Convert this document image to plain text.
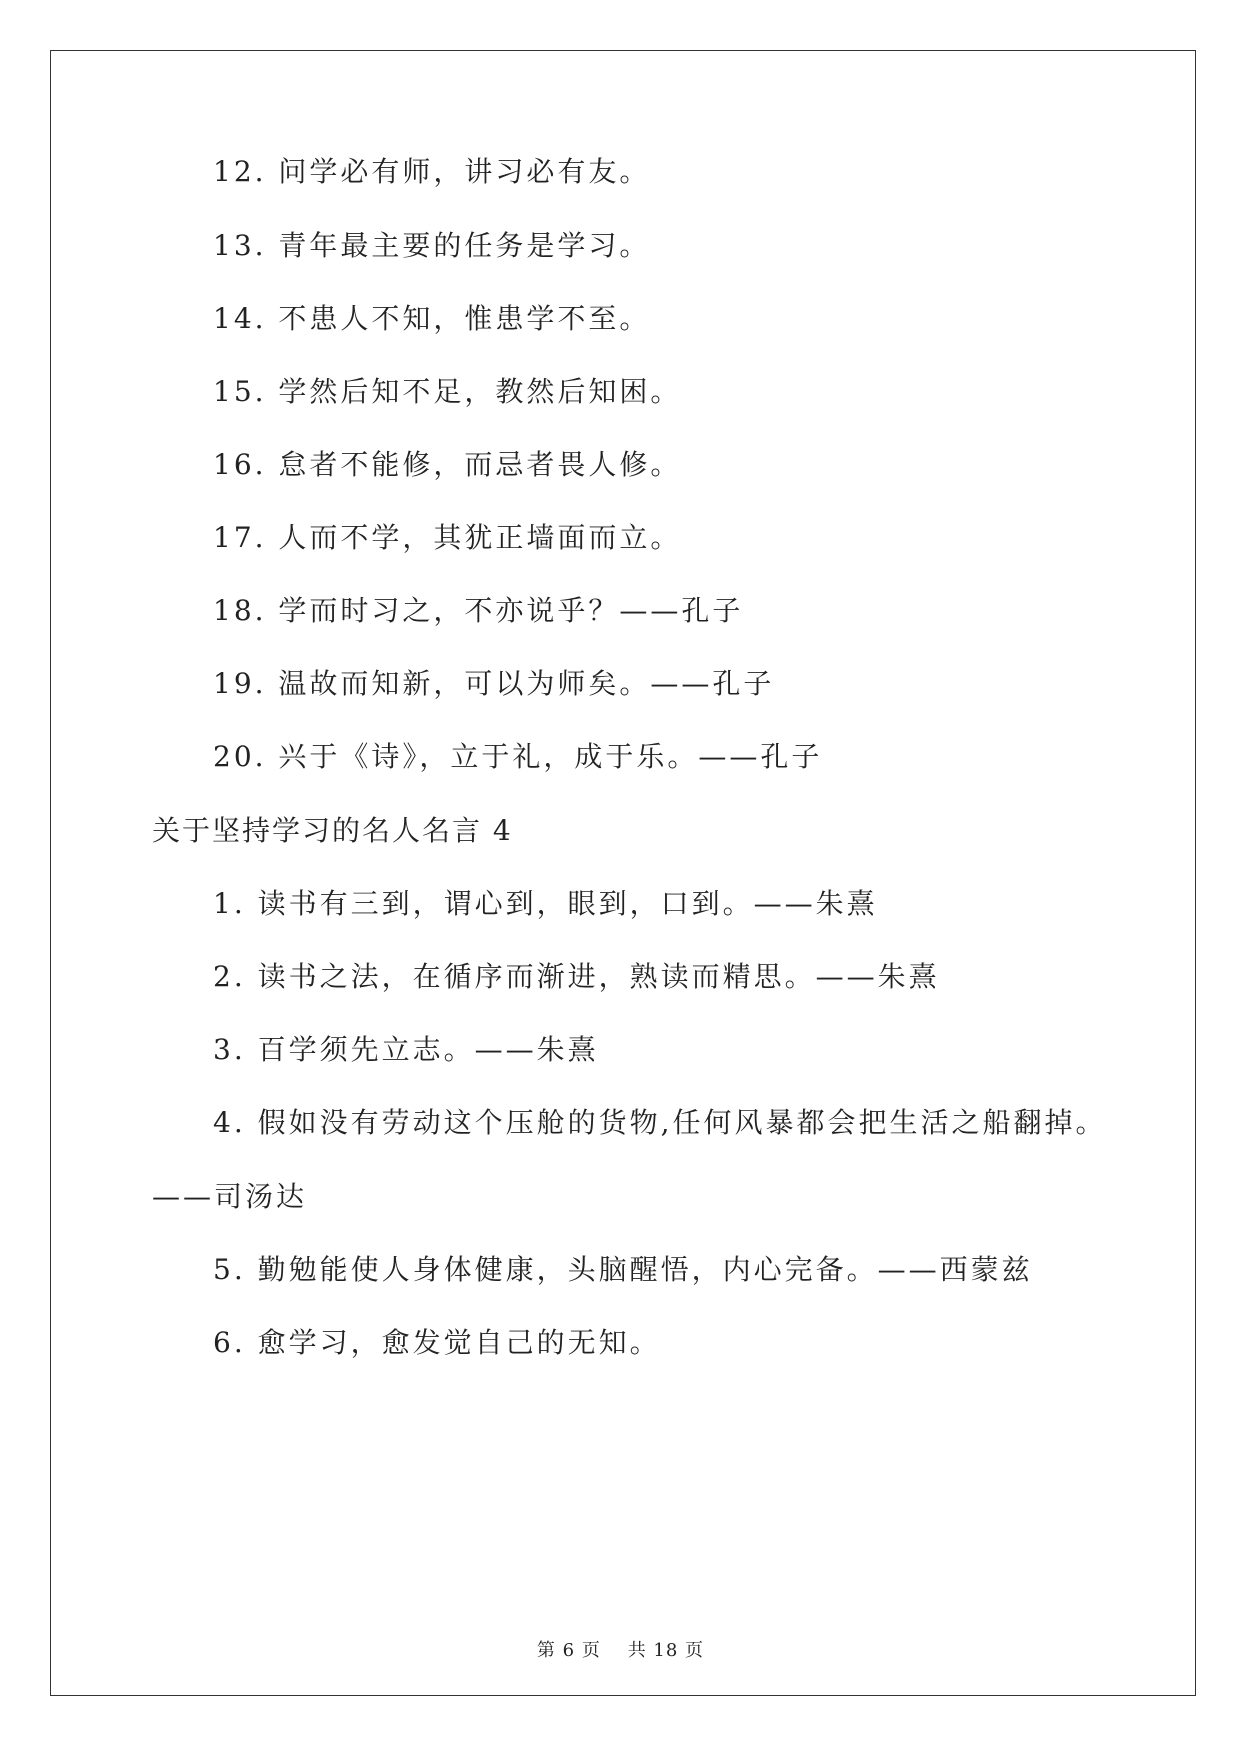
12. 问学必有师，讲习必有友。
13. 青年最主要的任务是学习。
14. 不患人不知，惟患学不至。
15. 学然后知不足，教然后知困。
16. 怠者不能修，而忌者畏人修。
17. 人而不学，其犹正墙面而立。
18. 学而时习之，不亦说乎？——孔子
19. 温故而知新，可以为师矣。——孔子
20. 兴于《诗》，立于礼，成于乐。——孔子
关于坚持学习的名人名言 4
1. 读书有三到，谓心到，眼到，口到。——朱熹
2. 读书之法，在循序而渐进，熟读而精思。——朱熹
3. 百学须先立志。——朱熹
4. 假如没有劳动这个压舱的货物,任何风暴都会把生活之船翻掉。
——司汤达
5. 勤勉能使人身体健康，头脑醒悟，内心完备。——西蒙兹
6. 愈学习，愈发觉自己的无知。
第 6 页    共 18 页
